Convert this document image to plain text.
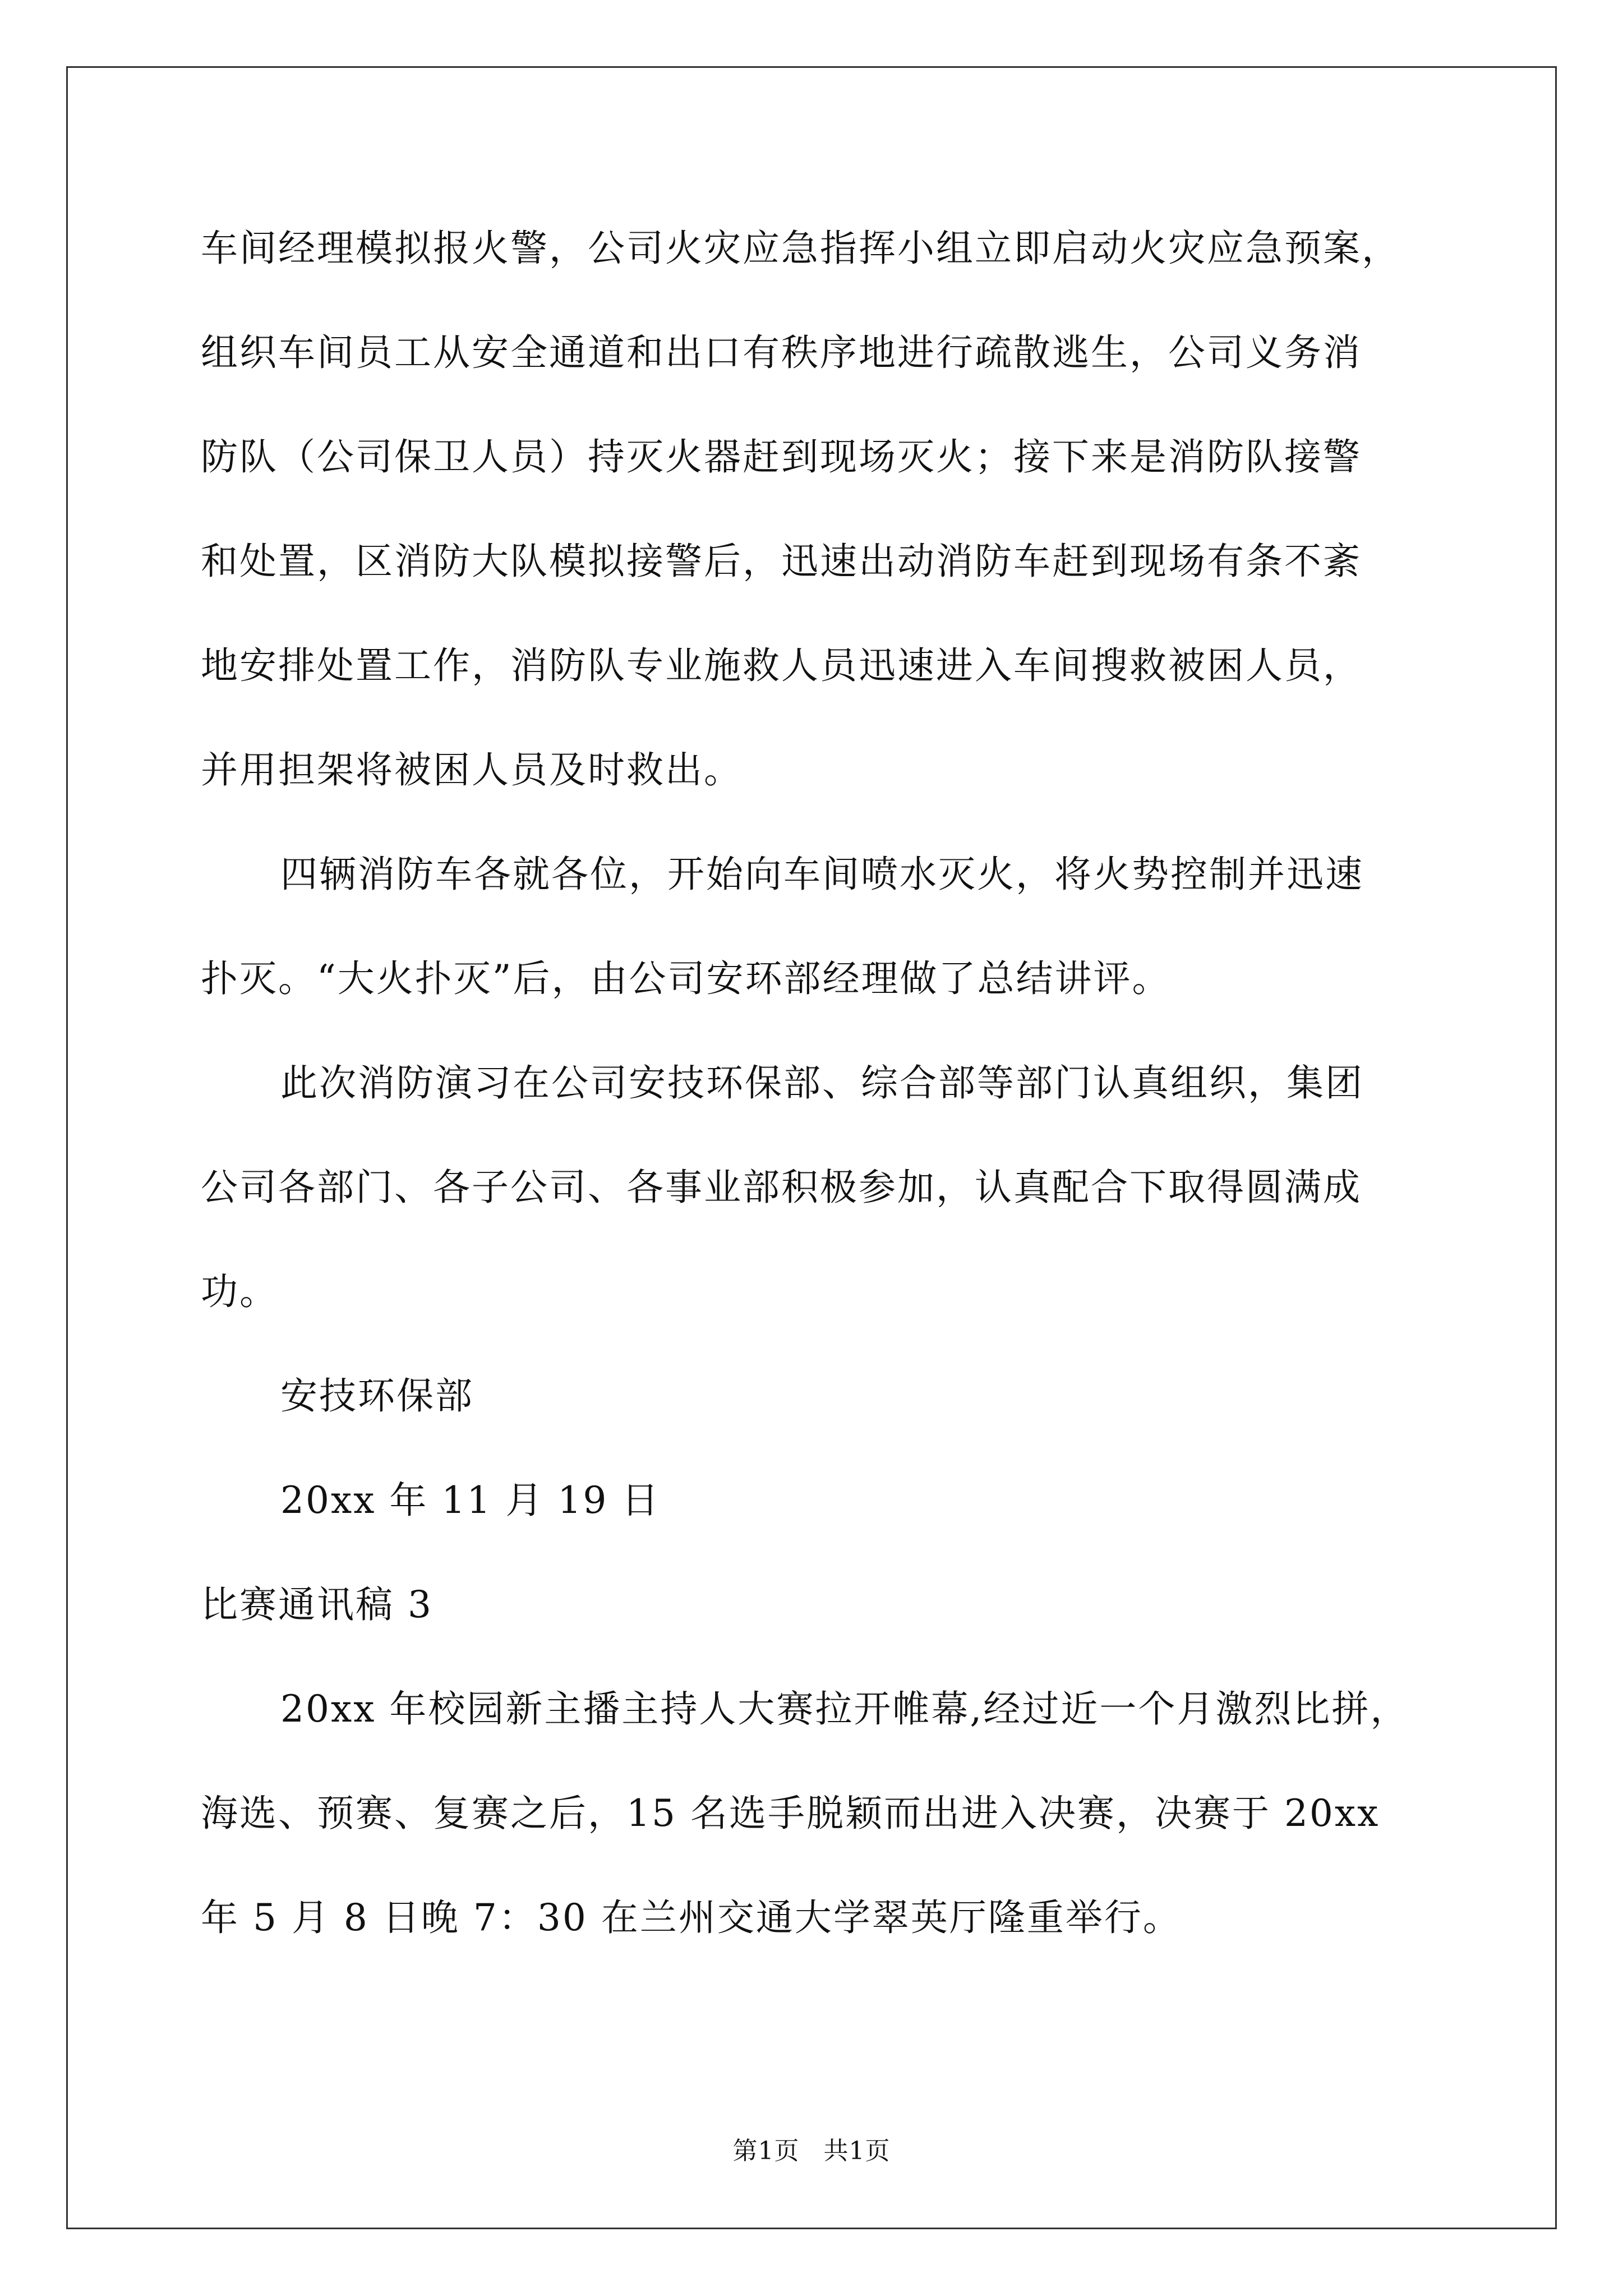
车间经理模拟报火警，公司火灾应急指挥小组立即启动火灾应急预案，

组织车间员工从安全通道和出口有秩序地进行疏散逃生，公司义务消

防队（公司保卫人员）持灭火器赶到现场灭火；接下来是消防队接警

和处置，区消防大队模拟接警后，迅速出动消防车赶到现场有条不紊

地安排处置工作，消防队专业施救人员迅速进入车间搜救被困人员，

并用担架将被困人员及时救出。

四辆消防车各就各位，开始向车间喷水灭火，将火势控制并迅速

扑灭。“大火扑灭”后，由公司安环部经理做了总结讲评。

此次消防演习在公司安技环保部、综合部等部门认真组织，集团

公司各部门、各子公司、各事业部积极参加，认真配合下取得圆满成

功。

安技环保部

20xx 年 11 月 19 日

比赛通讯稿 3

20xx 年校园新主播主持人大赛拉开帷幕,经过近一个月激烈比拼，

海选、预赛、复赛之后，15 名选手脱颖而出进入决赛，决赛于 20xx

年 5 月 8 日晚 7：30 在兰州交通大学翠英厅隆重举行。

第1页 共1页
